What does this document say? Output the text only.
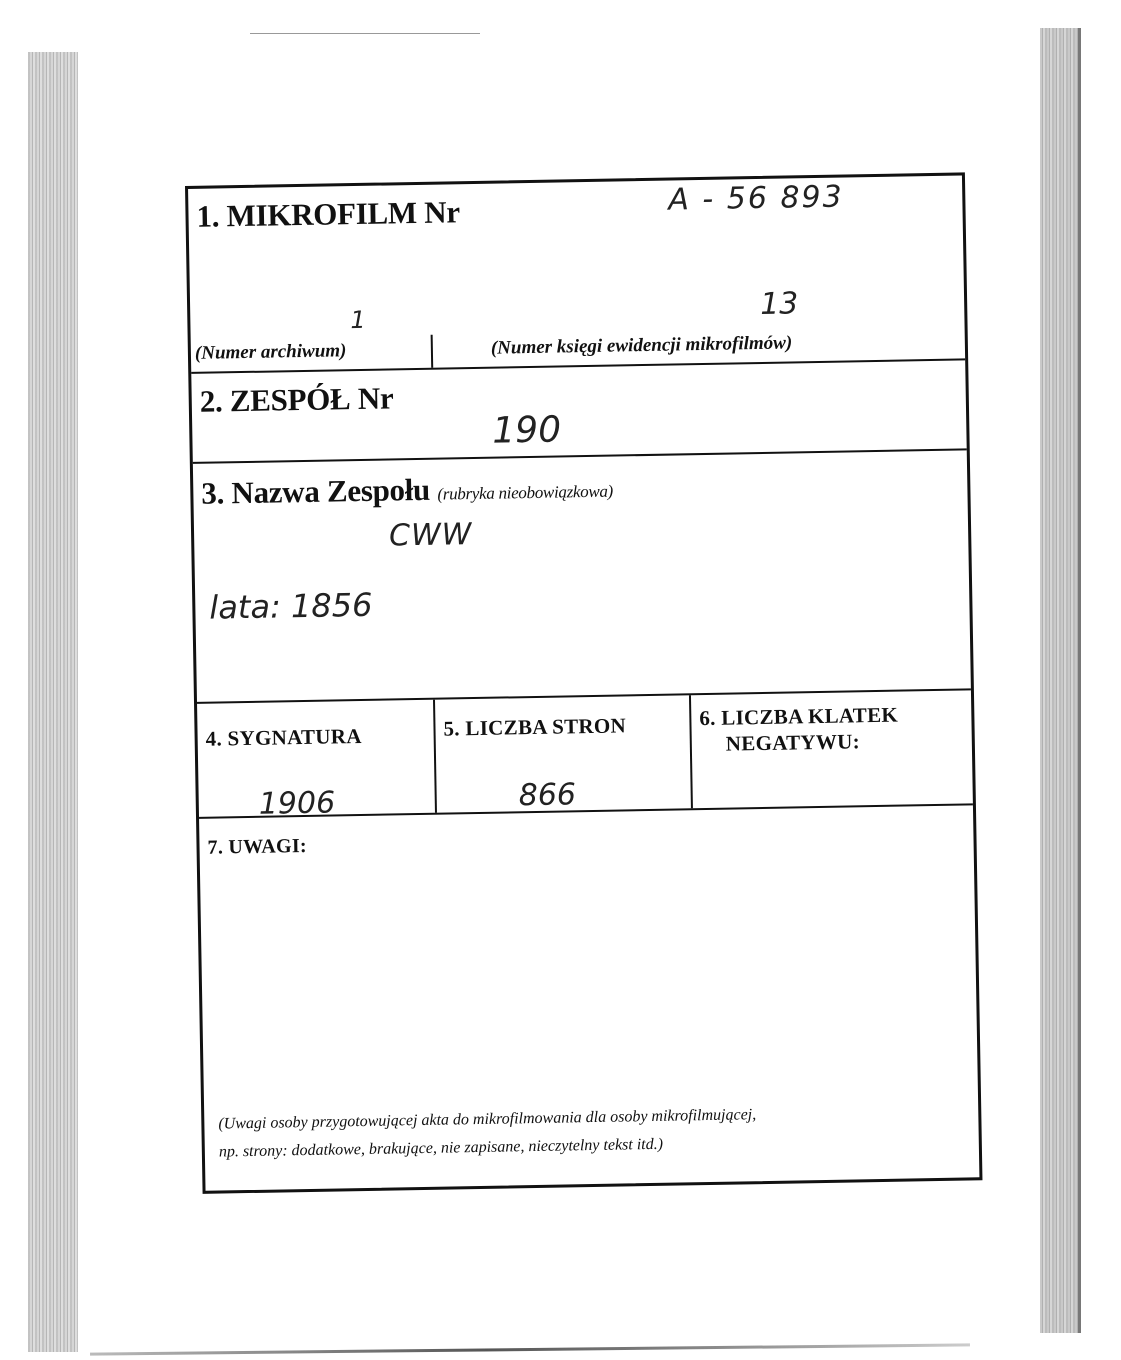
1. MIKROFILM Nr	A - 56 893
1	13
(Numer archiwum)	(Numer księgi ewidencji mikrofilmów)
2. ZESPÓŁ Nr
190
3. Nazwa Zespołu (rubryka nieobowiązkowa)
CWW
lata: 1856
4. SYGNATURA
1906
5. LICZBA STRON
866
6. LICZBA KLATEK
NEGATYWU:
7. UWAGI:
(Uwagi osoby przygotowującej akta do mikrofilmowania dla osoby mikrofilmującej,
np. strony: dodatkowe, brakujące, nie zapisane, nieczytelny tekst itd.)
